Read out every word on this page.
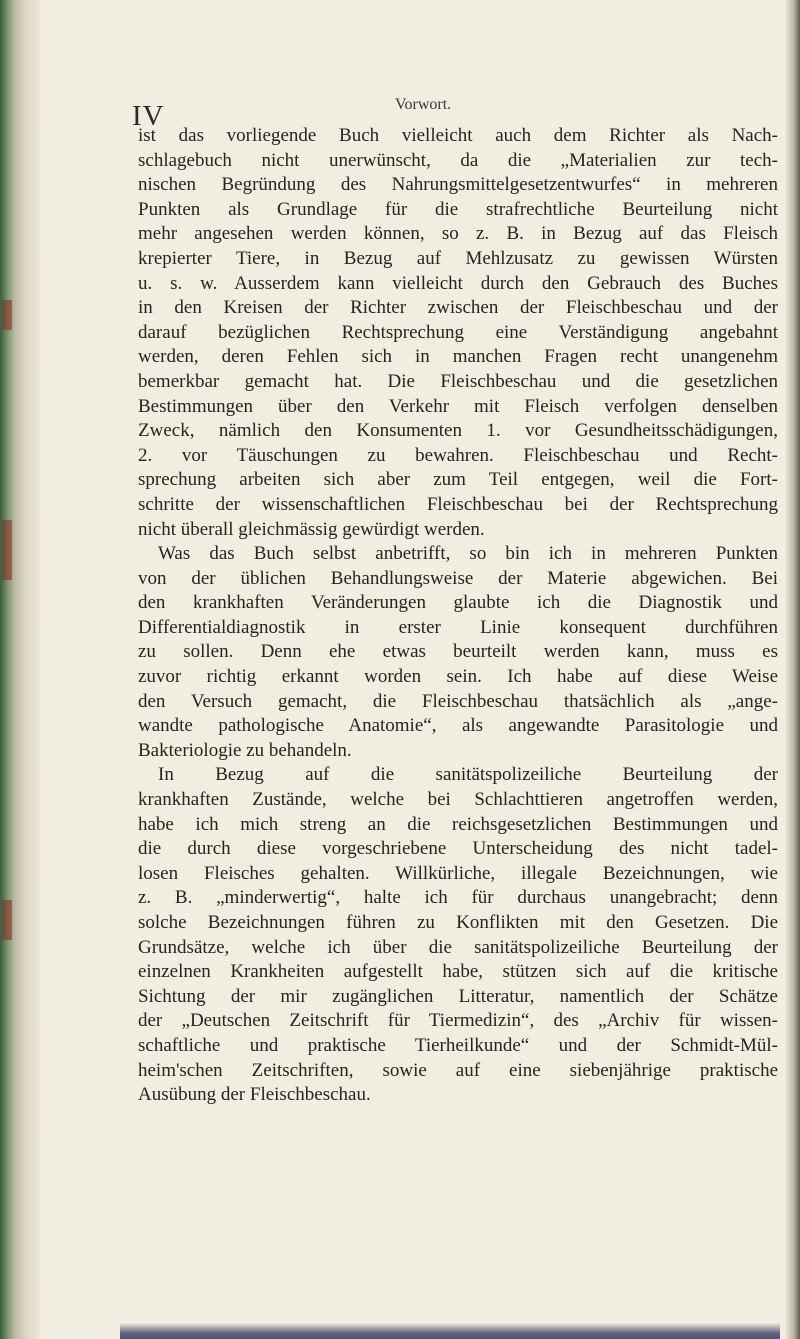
IV	Vorwort.
ist das vorliegende Buch vielleicht auch dem Richter als Nach-
schlagebuch nicht unerwünscht, da die „Materialien zur tech-
nischen Begründung des Nahrungsmittelgesetzentwurfes“ in mehreren
Punkten als Grundlage für die strafrechtliche Beurteilung nicht
mehr angesehen werden können, so z. B. in Bezug auf das Fleisch
krepierter Tiere, in Bezug auf Mehlzusatz zu gewissen Würsten
u. s. w. Ausserdem kann vielleicht durch den Gebrauch des Buches
in den Kreisen der Richter zwischen der Fleischbeschau und der
darauf bezüglichen Rechtsprechung eine Verständigung angebahnt
werden, deren Fehlen sich in manchen Fragen recht unangenehm
bemerkbar gemacht hat. Die Fleischbeschau und die gesetzlichen
Bestimmungen über den Verkehr mit Fleisch verfolgen denselben
Zweck, nämlich den Konsumenten 1. vor Gesundheitsschädigungen,
2. vor Täuschungen zu bewahren. Fleischbeschau und Recht-
sprechung arbeiten sich aber zum Teil entgegen, weil die Fort-
schritte der wissenschaftlichen Fleischbeschau bei der Rechtsprechung
nicht überall gleichmässig gewürdigt werden.
Was das Buch selbst anbetrifft, so bin ich in mehreren Punkten
von der üblichen Behandlungsweise der Materie abgewichen. Bei
den krankhaften Veränderungen glaubte ich die Diagnostik und
Differentialdiagnostik in erster Linie konsequent durchführen
zu sollen. Denn ehe etwas beurteilt werden kann, muss es
zuvor richtig erkannt worden sein. Ich habe auf diese Weise
den Versuch gemacht, die Fleischbeschau thatsächlich als „ange-
wandte pathologische Anatomie“, als angewandte Parasitologie und
Bakteriologie zu behandeln.
In Bezug auf die sanitätspolizeiliche Beurteilung der
krankhaften Zustände, welche bei Schlachttieren angetroffen werden,
habe ich mich streng an die reichsgesetzlichen Bestimmungen und
die durch diese vorgeschriebene Unterscheidung des nicht tadel-
losen Fleisches gehalten. Willkürliche, illegale Bezeichnungen, wie
z. B. „minderwertig“, halte ich für durchaus unangebracht; denn
solche Bezeichnungen führen zu Konflikten mit den Gesetzen. Die
Grundsätze, welche ich über die sanitätspolizeiliche Beurteilung der
einzelnen Krankheiten aufgestellt habe, stützen sich auf die kritische
Sichtung der mir zugänglichen Litteratur, namentlich der Schätze
der „Deutschen Zeitschrift für Tiermedizin“, des „Archiv für wissen-
schaftliche und praktische Tierheilkunde“ und der Schmidt-Mül-
heim'schen Zeitschriften, sowie auf eine siebenjährige praktische
Ausübung der Fleischbeschau.
